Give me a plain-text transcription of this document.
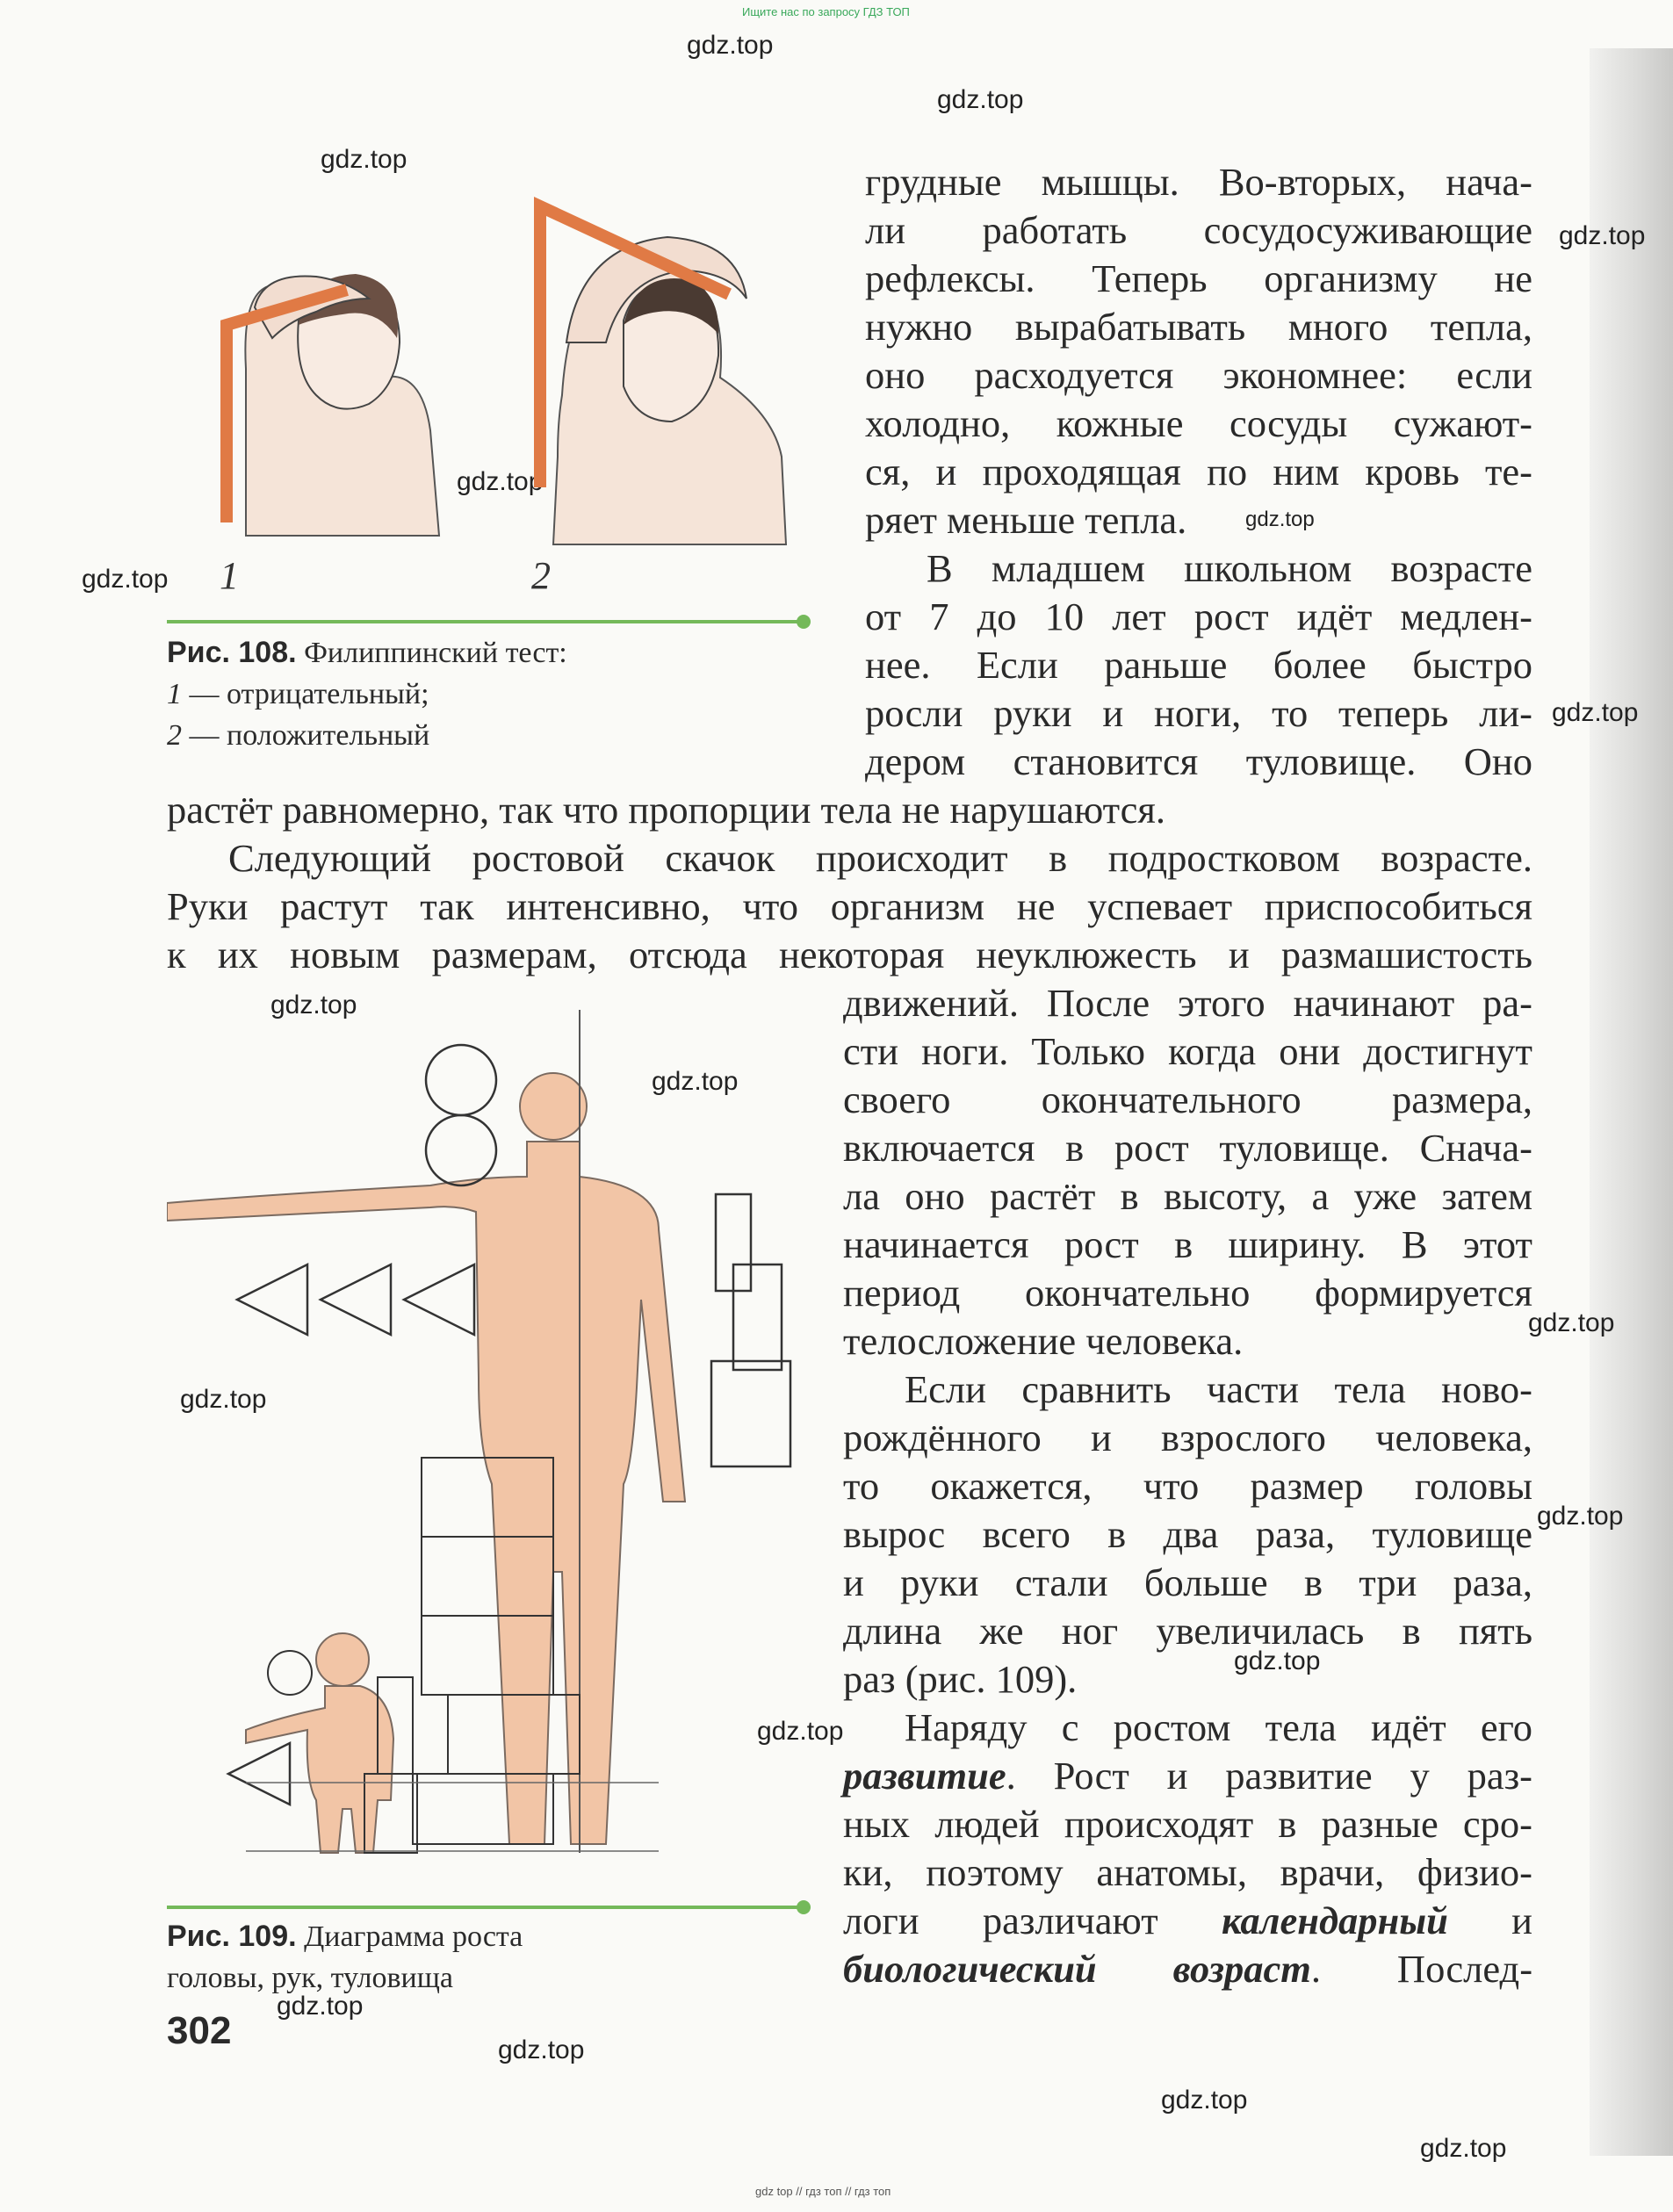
Ищите нас по запросу ГДЗ ТОП
gdz.top
gdz.top
gdz.top
gdz.top
gdz.top
gdz.top
gdz.top
gdz.top
gdz.top
gdz.top
gdz.top
gdz.top
gdz.top
gdz.top
gdz.top
gdz.top
gdz.top
gdz.top
gdz.top
1	2
Рис. 108. Филиппинский тест:
1 — отрицательный;
2 — положительный
грудные мышцы. Во-вторых, нача-
ли работать сосудосуживающие
рефлексы. Теперь организму не
нужно вырабатывать много тепла,
оно расходуется экономнее: если
холодно, кожные сосуды сужают-
ся, и проходящая по ним кровь те-
ряет меньше тепла.
В младшем школьном возрасте
от 7 до 10 лет рост идёт медлен-
нее. Если раньше более быстро
росли руки и ноги, то теперь ли-
дером становится туловище. Оно
растёт равномерно, так что пропорции тела не нарушаются.
Следующий ростовой скачок происходит в подростковом возрасте.
Руки растут так интенсивно, что организм не успевает приспособиться
к их новым размерам, отсюда некоторая неуклюжесть и размашистость
Рис. 109. Диаграмма роста
головы, рук, туловища
движений. После этого начинают ра-
сти ноги. Только когда они достигнут
своего окончательного размера,
включается в рост туловище. Снача-
ла оно растёт в высоту, а уже затем
начинается рост в ширину. В этот
период окончательно формируется
телосложение человека.
Если сравнить части тела ново-
рождённого и взрослого человека,
то окажется, что размер головы
вырос всего в два раза, туловище
и руки стали больше в три раза,
длина же ног увеличилась в пять
раз (рис. 109).
Наряду с ростом тела идёт его
развитие. Рост и развитие у раз-
ных людей происходят в разные сро-
ки, поэтому анатомы, врачи, физио-
логи различают календарный и
биологический возраст. Послед-
302
gdz top // гдз топ // гдз топ
